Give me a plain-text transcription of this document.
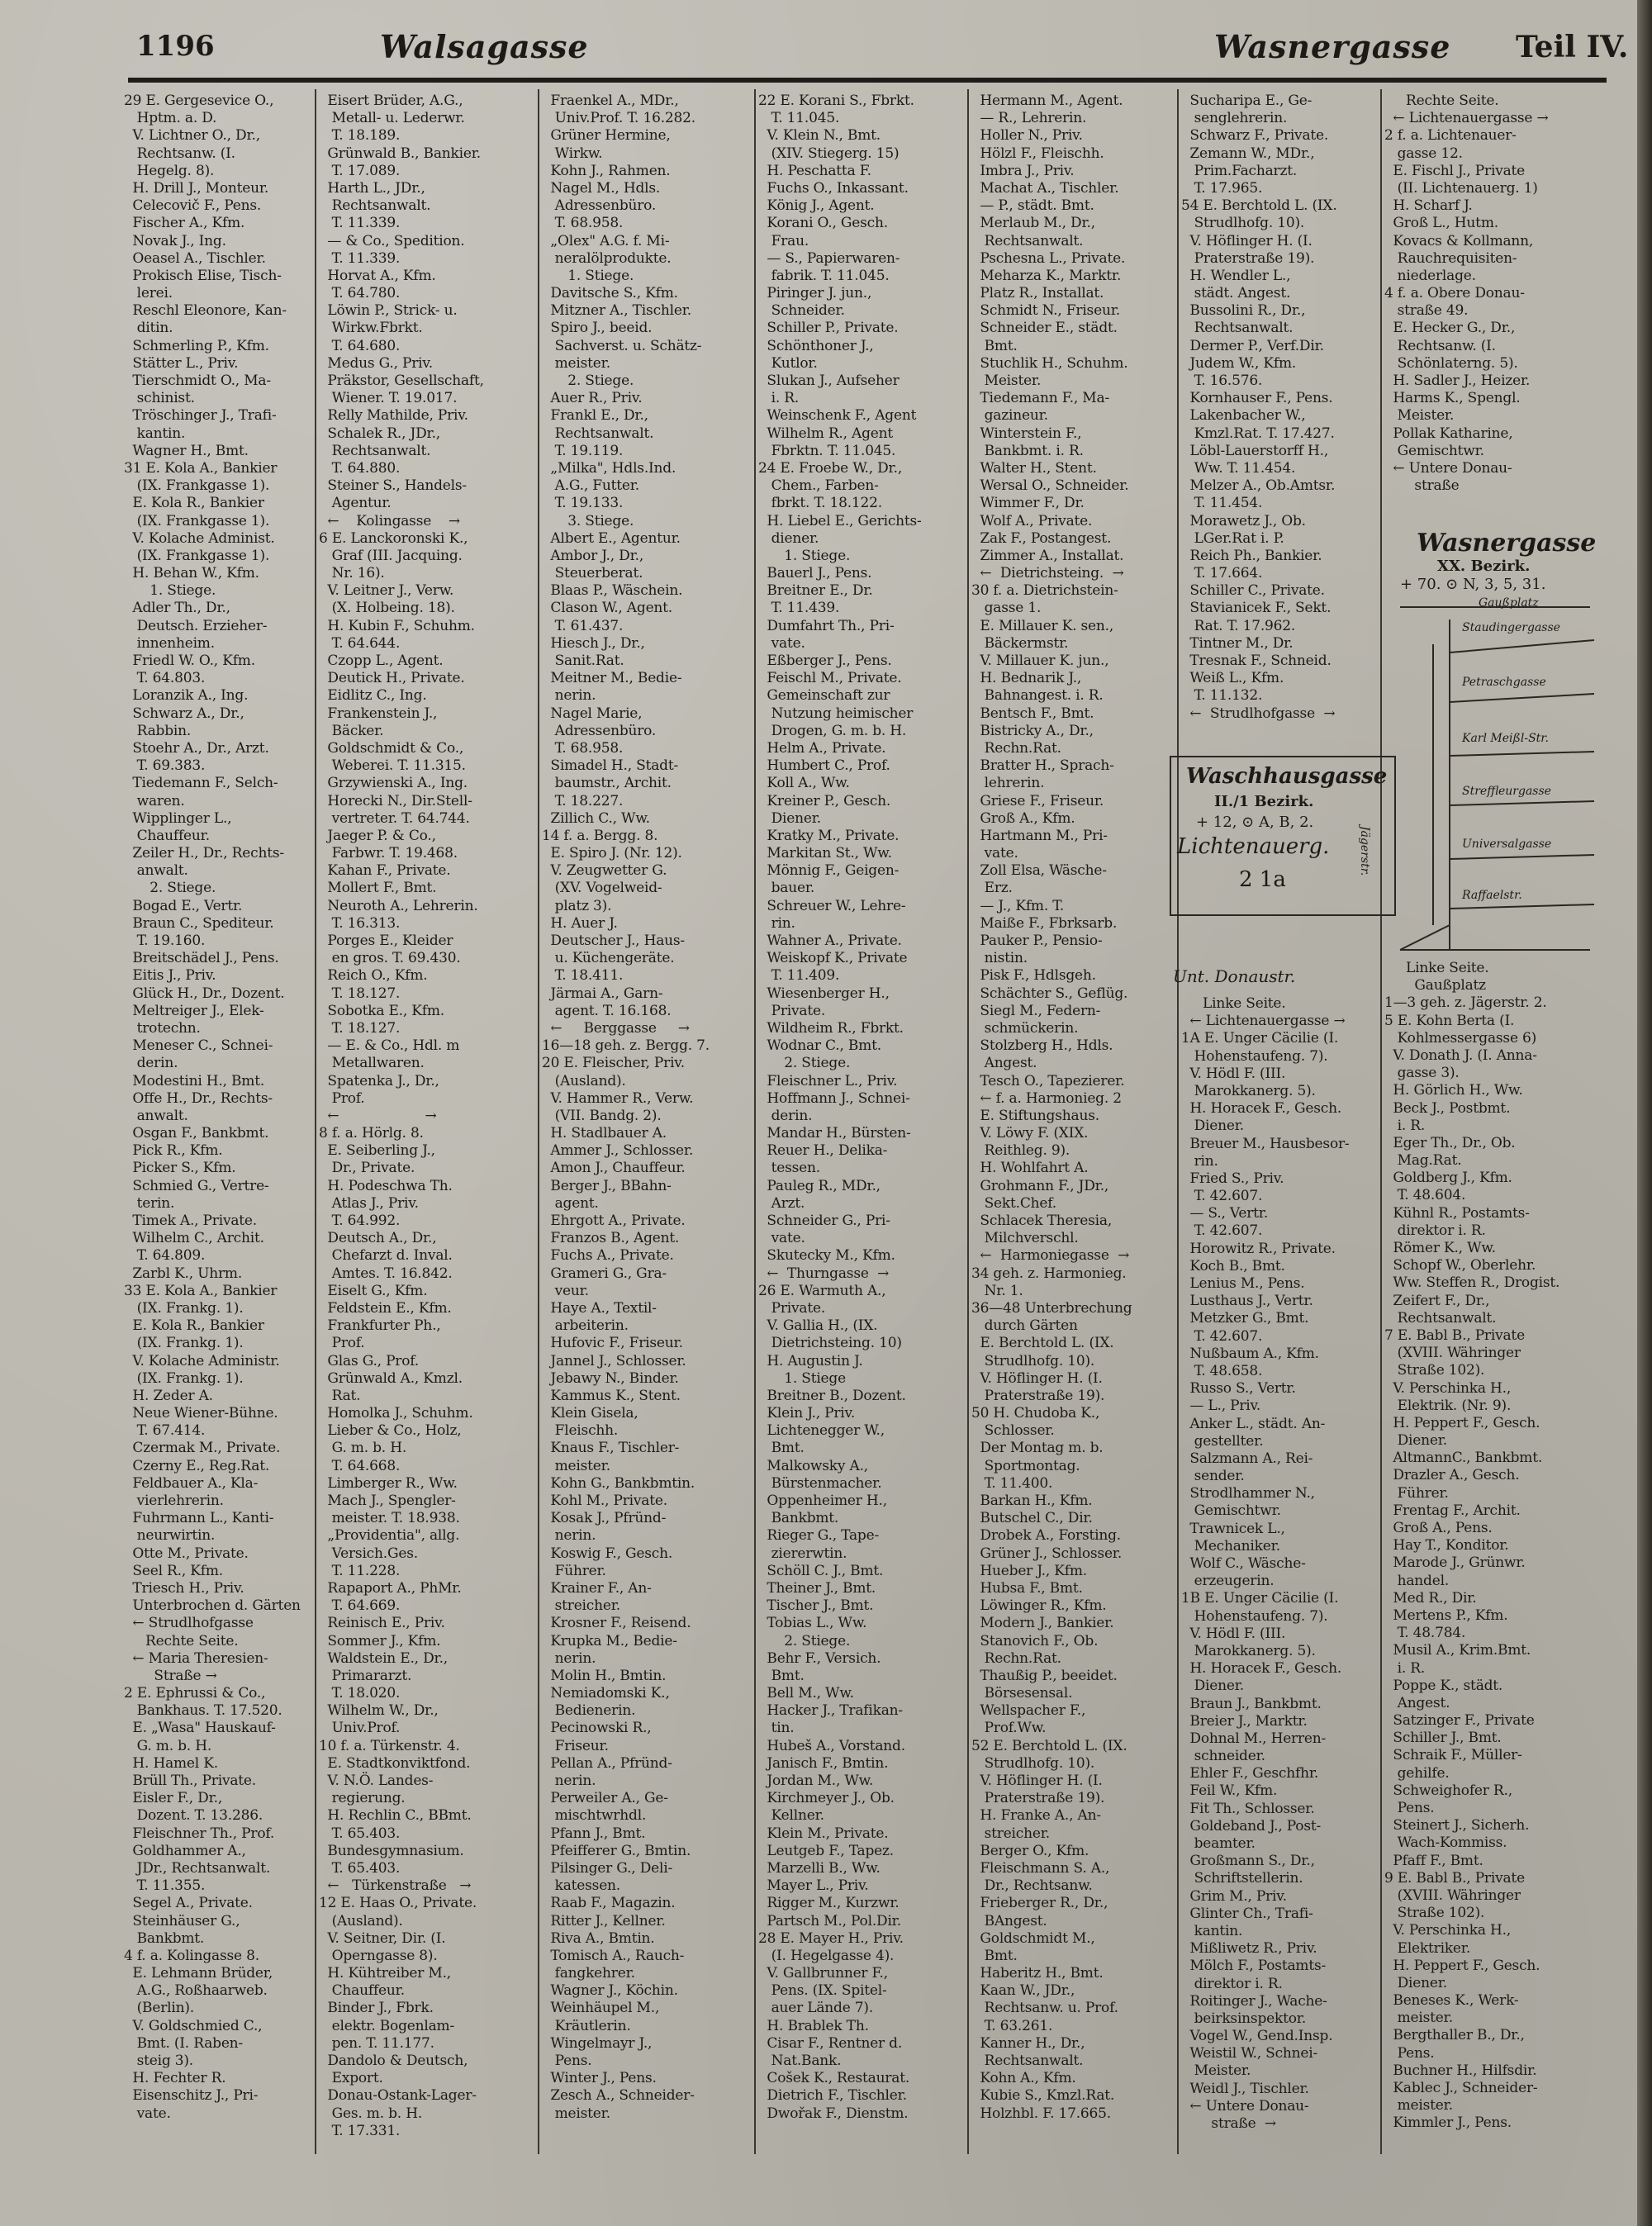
1196	Walsagasse	Wasnergasse Teil IV.
29 E. Gergesevice O.,
Hptm. a. D.
V. Lichtner O., Dr.,
Rechtsanw. (I.
Hegelg. 8).
H. Drill J., Monteur.
Celecovič F., Pens.
Fischer A., Kfm.
Novak J., Ing.
Oeasel A., Tischler.
Prokisch Elise, Tisch-
lerei.
Reschl Eleonore, Kan-
ditin.
Schmerling P., Kfm.
Stätter L., Priv.
Tierschmidt O., Ma-
schinist.
Tröschinger J., Trafi-
kantin.
Wagner H., Bmt.
31 E. Kola A., Bankier
(IX. Frankgasse 1).
E. Kola R., Bankier
(IX. Frankgasse 1).
V. Kolache Administ.
(IX. Frankgasse 1).
H. Behan W., Kfm.
1. Stiege.
Adler Th., Dr.,
Deutsch. Erzieher-
innenheim.
Friedl W. O., Kfm.
T. 64.803.
Loranzik A., Ing.
Schwarz A., Dr.,
Rabbin.
Stoehr A., Dr., Arzt.
T. 69.383.
Tiedemann F., Selch-
waren.
Wipplinger L.,
Chauffeur.
Zeiler H., Dr., Rechts-
anwalt.
2. Stiege.
Bogad E., Vertr.
Braun C., Spediteur.
T. 19.160.
Breitschädel J., Pens.
Eitis J., Priv.
Glück H., Dr., Dozent.
Meltreiger J., Elek-
trotechn.
Meneser C., Schnei-
derin.
Modestini H., Bmt.
Offe H., Dr., Rechts-
anwalt.
Osgan F., Bankbmt.
Pick R., Kfm.
Picker S., Kfm.
Schmied G., Vertre-
terin.
Timek A., Private.
Wilhelm C., Archit.
T. 64.809.
Zarbl K., Uhrm.
33 E. Kola A., Bankier
(IX. Frankg. 1).
E. Kola R., Bankier
(IX. Frankg. 1).
V. Kolache Administr.
(IX. Frankg. 1).
H. Zeder A.
Neue Wiener-Bühne.
T. 67.414.
Czermak M., Private.
Czerny E., Reg.Rat.
Feldbauer A., Kla-
vierlehrerin.
Fuhrmann L., Kanti-
neurwirtin.
Otte M., Private.
Seel R., Kfm.
Triesch H., Priv.
Unterbrochen d. Gärten
← Strudlhofgasse
Rechte Seite.
← Maria Theresien-
Straße →
2 E. Ephrussi & Co.,
Bankhaus. T. 17.520.
E. „Wasa" Hauskauf-
G. m. b. H.
H. Hamel K.
Brüll Th., Private.
Eisler F., Dr.,
Dozent. T. 13.286.
Fleischner Th., Prof.
Goldhammer A.,
JDr., Rechtsanwalt.
T. 11.355.
Segel A., Private.
Steinhäuser G.,
Bankbmt.
4 f. a. Kolingasse 8.
E. Lehmann Brüder,
A.G., Roßhaarweb.
(Berlin).
V. Goldschmied C.,
Bmt. (I. Raben-
steig 3).
H. Fechter R.
Eisenschitz J., Pri-
vate.
Eisert Brüder, A.G.,
Metall- u. Lederwr.
T. 18.189.
Grünwald B., Bankier.
T. 17.089.
Harth L., JDr.,
Rechtsanwalt.
T. 11.339.
— & Co., Spedition.
T. 11.339.
Horvat A., Kfm.
T. 64.780.
Löwin P., Strick- u.
Wirkw.Fbrkt.
T. 64.680.
Medus G., Priv.
Präkstor, Gesellschaft,
Wiener. T. 19.017.
Relly Mathilde, Priv.
Schalek R., JDr.,
Rechtsanwalt.
T. 64.880.
Steiner S., Handels-
Agentur.
←    Kolingasse    →
6 E. Lanckoronski K.,
Graf (III. Jacquing.
Nr. 16).
V. Leitner J., Verw.
(X. Holbeing. 18).
H. Kubin F., Schuhm.
T. 64.644.
Czopp L., Agent.
Deutick H., Private.
Eidlitz C., Ing.
Frankenstein J.,
Bäcker.
Goldschmidt & Co.,
Weberei. T. 11.315.
Grzywienski A., Ing.
Horecki N., Dir.Stell-
vertreter. T. 64.744.
Jaeger P. & Co.,
Farbwr. T. 19.468.
Kahan F., Private.
Mollert F., Bmt.
Neuroth A., Lehrerin.
T. 16.313.
Porges E., Kleider
en gros. T. 69.430.
Reich O., Kfm.
T. 18.127.
Sobotka E., Kfm.
T. 18.127.
— E. & Co., Hdl. m
Metallwaren.
Spatenka J., Dr.,
Prof.
←                    →
8 f. a. Hörlg. 8.
E. Seiberling J.,
Dr., Private.
H. Podeschwa Th.
Atlas J., Priv.
T. 64.992.
Deutsch A., Dr.,
Chefarzt d. Inval.
Amtes. T. 16.842.
Eiselt G., Kfm.
Feldstein E., Kfm.
Frankfurter Ph.,
Prof.
Glas G., Prof.
Grünwald A., Kmzl.
Rat.
Homolka J., Schuhm.
Lieber & Co., Holz,
G. m. b. H.
T. 64.668.
Limberger R., Ww.
Mach J., Spengler-
meister. T. 18.938.
„Providentia", allg.
Versich.Ges.
T. 11.228.
Rapaport A., PhMr.
T. 64.669.
Reinisch E., Priv.
Sommer J., Kfm.
Waldstein E., Dr.,
Primararzt.
T. 18.020.
Wilhelm W., Dr.,
Univ.Prof.
10 f. a. Türkenstr. 4.
E. Stadtkonviktfond.
V. N.Ö. Landes-
regierung.
H. Rechlin C., BBmt.
T. 65.403.
Bundesgymnasium.
T. 65.403.
←   Türkenstraße   →
12 E. Haas O., Private.
(Ausland).
V. Seitner, Dir. (I.
Operngasse 8).
H. Kühtreiber M.,
Chauffeur.
Binder J., Fbrk.
elektr. Bogenlam-
pen. T. 11.177.
Dandolo & Deutsch,
Export.
Donau-Ostank-Lager-
Ges. m. b. H.
T. 17.331.
Fraenkel A., MDr.,
Univ.Prof. T. 16.282.
Grüner Hermine,
Wirkw.
Kohn J., Rahmen.
Nagel M., Hdls.
Adressenbüro.
T. 68.958.
„Olex" A.G. f. Mi-
neralölprodukte.
1. Stiege.
Davitsche S., Kfm.
Mitzner A., Tischler.
Spiro J., beeid.
Sachverst. u. Schätz-
meister.
2. Stiege.
Auer R., Priv.
Frankl E., Dr.,
Rechtsanwalt.
T. 19.119.
„Milka", Hdls.Ind.
A.G., Futter.
T. 19.133.
3. Stiege.
Albert E., Agentur.
Ambor J., Dr.,
Steuerberat.
Blaas P., Wäschein.
Clason W., Agent.
T. 61.437.
Hiesch J., Dr.,
Sanit.Rat.
Meitner M., Bedie-
nerin.
Nagel Marie,
Adressenbüro.
T. 68.958.
Simadel H., Stadt-
baumstr., Archit.
T. 18.227.
Zillich C., Ww.
14 f. a. Bergg. 8.
E. Spiro J. (Nr. 12).
V. Zeugwetter G.
(XV. Vogelweid-
platz 3).
H. Auer J.
Deutscher J., Haus-
u. Küchengeräte.
T. 18.411.
Järmai A., Garn-
agent. T. 16.168.
←     Berggasse     →
16—18 geh. z. Bergg. 7.
20 E. Fleischer, Priv.
(Ausland).
V. Hammer R., Verw.
(VII. Bandg. 2).
H. Stadlbauer A.
Ammer J., Schlosser.
Amon J., Chauffeur.
Berger J., BBahn-
agent.
Ehrgott A., Private.
Franzos B., Agent.
Fuchs A., Private.
Grameri G., Gra-
veur.
Haye A., Textil-
arbeiterin.
Hufovic F., Friseur.
Jannel J., Schlosser.
Jebawy N., Binder.
Kammus K., Stent.
Klein Gisela,
Fleischh.
Knaus F., Tischler-
meister.
Kohn G., Bankbmtin.
Kohl M., Private.
Kosak J., Pfründ-
nerin.
Koswig F., Gesch.
Führer.
Krainer F., An-
streicher.
Krosner F., Reisend.
Krupka M., Bedie-
nerin.
Molin H., Bmtin.
Nemiadomski K.,
Bedienerin.
Pecinowski R.,
Friseur.
Pellan A., Pfründ-
nerin.
Perweiler A., Ge-
mischtwrhdl.
Pfann J., Bmt.
Pfeifferer G., Bmtin.
Pilsinger G., Deli-
katessen.
Raab F., Magazin.
Ritter J., Kellner.
Riva A., Bmtin.
Tomisch A., Rauch-
fangkehrer.
Wagner J., Köchin.
Weinhäupel M.,
Kräutlerin.
Wingelmayr J.,
Pens.
Winter J., Pens.
Zesch A., Schneider-
meister.
22 E. Korani S., Fbrkt.
T. 11.045.
V. Klein N., Bmt.
(XIV. Stiegerg. 15)
H. Peschatta F.
Fuchs O., Inkassant.
König J., Agent.
Korani O., Gesch.
Frau.
— S., Papierwaren-
fabrik. T. 11.045.
Piringer J. jun.,
Schneider.
Schiller P., Private.
Schönthoner J.,
Kutlor.
Slukan J., Aufseher
i. R.
Weinschenk F., Agent
Wilhelm R., Agent
Fbrktn. T. 11.045.
24 E. Froebe W., Dr.,
Chem., Farben-
fbrkt. T. 18.122.
H. Liebel E., Gerichts-
diener.
1. Stiege.
Bauerl J., Pens.
Breitner E., Dr.
T. 11.439.
Dumfahrt Th., Pri-
vate.
Eßberger J., Pens.
Feischl M., Private.
Gemeinschaft zur
Nutzung heimischer
Drogen, G. m. b. H.
Helm A., Private.
Humbert C., Prof.
Koll A., Ww.
Kreiner P., Gesch.
Diener.
Kratky M., Private.
Markitan St., Ww.
Mönnig F., Geigen-
bauer.
Schreuer W., Lehre-
rin.
Wahner A., Private.
Weiskopf K., Private
T. 11.409.
Wiesenberger H.,
Private.
Wildheim R., Fbrkt.
Wodnar C., Bmt.
2. Stiege.
Fleischner L., Priv.
Hoffmann J., Schnei-
derin.
Mandar H., Bürsten-
Reuer H., Delika-
tessen.
Pauleg R., MDr.,
Arzt.
Schneider G., Pri-
vate.
Skutecky M., Kfm.
←  Thurngasse  →
26 E. Warmuth A.,
Private.
V. Gallia H., (IX.
Dietrichsteing. 10)
H. Augustin J.
1. Stiege
Breitner B., Dozent.
Klein J., Priv.
Lichtenegger W.,
Bmt.
Malkowsky A.,
Bürstenmacher.
Oppenheimer H.,
Bankbmt.
Rieger G., Tape-
ziererwtin.
Schöll C. J., Bmt.
Theiner J., Bmt.
Tischer J., Bmt.
Tobias L., Ww.
2. Stiege.
Behr F., Versich.
Bmt.
Bell M., Ww.
Hacker J., Trafikan-
tin.
Hubeš A., Vorstand.
Janisch F., Bmtin.
Jordan M., Ww.
Kirchmeyer J., Ob.
Kellner.
Klein M., Private.
Leutgeb F., Tapez.
Marzelli B., Ww.
Mayer L., Priv.
Rigger M., Kurzwr.
Partsch M., Pol.Dir.
28 E. Mayer H., Priv.
(I. Hegelgasse 4).
V. Gallbrunner F.,
Pens. (IX. Spitel-
auer Lände 7).
H. Brablek Th.
Cisar F., Rentner d.
Nat.Bank.
Cošek K., Restaurat.
Dietrich F., Tischler.
Dwořak F., Dienstm.
Hermann M., Agent.
— R., Lehrerin.
Holler N., Priv.
Hölzl F., Fleischh.
Imbra J., Priv.
Machat A., Tischler.
— P., städt. Bmt.
Merlaub M., Dr.,
Rechtsanwalt.
Pschesna L., Private.
Meharza K., Marktr.
Platz R., Installat.
Schmidt N., Friseur.
Schneider E., städt.
Bmt.
Stuchlik H., Schuhm.
Meister.
Tiedemann F., Ma-
gazineur.
Winterstein F.,
Bankbmt. i. R.
Walter H., Stent.
Wersal O., Schneider.
Wimmer F., Dr.
Wolf A., Private.
Zak F., Postangest.
Zimmer A., Installat.
←  Dietrichsteing.  →
30 f. a. Dietrichstein-
gasse 1.
E. Millauer K. sen.,
Bäckermstr.
V. Millauer K. jun.,
H. Bednarik J.,
Bahnangest. i. R.
Bentsch F., Bmt.
Bistricky A., Dr.,
Rechn.Rat.
Bratter H., Sprach-
lehrerin.
Griese F., Friseur.
Groß A., Kfm.
Hartmann M., Pri-
vate.
Zoll Elsa, Wäsche-
Erz.
— J., Kfm. T.
Maiße F., Fbrksarb.
Pauker P., Pensio-
nistin.
Pisk F., Hdlsgeh.
Schächter S., Geflüg.
Siegl M., Federn-
schmückerin.
Stolzberg H., Hdls.
Angest.
Tesch O., Tapezierer.
← f. a. Harmonieg. 2
E. Stiftungshaus.
V. Löwy F. (XIX.
Reithleg. 9).
H. Wohlfahrt A.
Grohmann F., JDr.,
Sekt.Chef.
Schlacek Theresia,
Milchverschl.
←  Harmoniegasse  →
34 geh. z. Harmonieg.
Nr. 1.
36—48 Unterbrechung
durch Gärten
E. Berchtold L. (IX.
Strudlhofg. 10).
V. Höflinger H. (I.
Praterstraße 19).
50 H. Chudoba K.,
Schlosser.
Der Montag m. b.
Sportmontag.
T. 11.400.
Barkan H., Kfm.
Butschel C., Dir.
Drobek A., Forsting.
Grüner J., Schlosser.
Hueber J., Kfm.
Hubsa F., Bmt.
Löwinger R., Kfm.
Modern J., Bankier.
Stanovich F., Ob.
Rechn.Rat.
Thaußig P., beeidet.
Börsesensal.
Wellspacher F.,
Prof.Ww.
52 E. Berchtold L. (IX.
Strudlhofg. 10).
V. Höflinger H. (I.
Praterstraße 19).
H. Franke A., An-
streicher.
Berger O., Kfm.
Fleischmann S. A.,
Dr., Rechtsanw.
Frieberger R., Dr.,
BAngest.
Goldschmidt M.,
Bmt.
Haberitz H., Bmt.
Kaan W., JDr.,
Rechtsanw. u. Prof.
T. 63.261.
Kanner H., Dr.,
Rechtsanwalt.
Kohn A., Kfm.
Kubie S., Kmzl.Rat.
Holzhbl. F. 17.665.
Sucharipa E., Ge-
senglehrerin.
Schwarz F., Private.
Zemann W., MDr.,
Prim.Facharzt.
T. 17.965.
54 E. Berchtold L. (IX.
Strudlhofg. 10).
V. Höflinger H. (I.
Praterstraße 19).
H. Wendler L.,
städt. Angest.
Bussolini R., Dr.,
Rechtsanwalt.
Dermer P., Verf.Dir.
Judem W., Kfm.
T. 16.576.
Kornhauser F., Pens.
Lakenbacher W.,
Kmzl.Rat. T. 17.427.
Löbl-Lauerstorff H.,
Ww. T. 11.454.
Melzer A., Ob.Amtsr.
T. 11.454.
Morawetz J., Ob.
LGer.Rat i. P.
Reich Ph., Bankier.
T. 17.664.
Schiller C., Private.
Stavianicek F., Sekt.
Rat. T. 17.962.
Tintner M., Dr.
Tresnak F., Schneid.
Weiß L., Kfm.
T. 11.132.
←  Strudlhofgasse  →
Rechte Seite.
← Lichtenauergasse →
2 f. a. Lichtenauer-
gasse 12.
E. Fischl J., Private
(II. Lichtenauerg. 1)
H. Scharf J.
Groß L., Hutm.
Kovacs & Kollmann,
Rauchrequisiten-
niederlage.
4 f. a. Obere Donau-
straße 49.
E. Hecker G., Dr.,
Rechtsanw. (I.
Schönlaterng. 5).
H. Sadler J., Heizer.
Harms K., Spengl.
Meister.
Pollak Katharine,
Gemischtwr.
← Untere Donau-
straße
Waschhausgasse
II./1 Bezirk.
+ 12, ⊙ A, B, 2.
Lichtenauerg.
2 1a
Unt. Donaustr.
Linke Seite.
← Lichtenauergasse →
1A E. Unger Cäcilie (I.
Hohenstaufeng. 7).
V. Hödl F. (III.
Marokkanerg. 5).
H. Horacek F., Gesch.
Diener.
Breuer M., Hausbesor-
rin.
Fried S., Priv.
T. 42.607.
— S., Vertr.
T. 42.607.
Horowitz R., Private.
Koch B., Bmt.
Lenius M., Pens.
Lusthaus J., Vertr.
Metzker G., Bmt.
T. 42.607.
Nußbaum A., Kfm.
T. 48.658.
Russo S., Vertr.
— L., Priv.
Anker L., städt. An-
gestellter.
Salzmann A., Rei-
sender.
Strodlhammer N.,
Gemischtwr.
Trawnicek L.,
Mechaniker.
Wolf C., Wäsche-
erzeugerin.
1B E. Unger Cäcilie (I.
Hohenstaufeng. 7).
V. Hödl F. (III.
Marokkanerg. 5).
H. Horacek F., Gesch.
Diener.
Braun J., Bankbmt.
Breier J., Marktr.
Dohnal M., Herren-
schneider.
Ehler F., Geschfhr.
Feil W., Kfm.
Fit Th., Schlosser.
Goldeband J., Post-
beamter.
Großmann S., Dr.,
Schriftstellerin.
Grim M., Priv.
Glinter Ch., Trafi-
kantin.
Mißliwetz R., Priv.
Mölch F., Postamts-
direktor i. R.
Roitinger J., Wache-
beirksinspektor.
Vogel W., Gend.Insp.
Weistil W., Schnei-
Meister.
Weidl J., Tischler.
← Untere Donau-
straße  →
Wasnergasse
XX. Bezirk.
+ 70. ⊙ N, 3, 5, 31.
Gaußplatz
Jägerstr.
Staudingergasse
Petraschgasse
Karl Meißl-Str.
Streffleurgasse
Universalgasse
Raffaelstr.
Linke Seite.
Gaußplatz
1—3 geh. z. Jägerstr. 2.
5 E. Kohn Berta (I.
Kohlmessergasse 6)
V. Donath J. (I. Anna-
gasse 3).
H. Görlich H., Ww.
Beck J., Postbmt.
i. R.
Eger Th., Dr., Ob.
Mag.Rat.
Goldberg J., Kfm.
T. 48.604.
Kühnl R., Postamts-
direktor i. R.
Römer K., Ww.
Schopf W., Oberlehr.
Ww. Steffen R., Drogist.
Zeifert F., Dr.,
Rechtsanwalt.
7 E. Babl B., Private
(XVIII. Währinger
Straße 102).
V. Perschinka H.,
Elektrik. (Nr. 9).
H. Peppert F., Gesch.
Diener.
AltmannC., Bankbmt.
Drazler A., Gesch.
Führer.
Frentag F., Archit.
Groß A., Pens.
Hay T., Konditor.
Marode J., Grünwr.
handel.
Med R., Dir.
Mertens P., Kfm.
T. 48.784.
Musil A., Krim.Bmt.
i. R.
Poppe K., städt.
Angest.
Satzinger F., Private
Schiller J., Bmt.
Schraik F., Müller-
gehilfe.
Schweighofer R.,
Pens.
Steinert J., Sicherh.
Wach-Kommiss.
Pfaff F., Bmt.
9 E. Babl B., Private
(XVIII. Währinger
Straße 102).
V. Perschinka H.,
Elektriker.
H. Peppert F., Gesch.
Diener.
Beneses K., Werk-
meister.
Bergthaller B., Dr.,
Pens.
Buchner H., Hilfsdir.
Kablec J., Schneider-
meister.
Kimmler J., Pens.
